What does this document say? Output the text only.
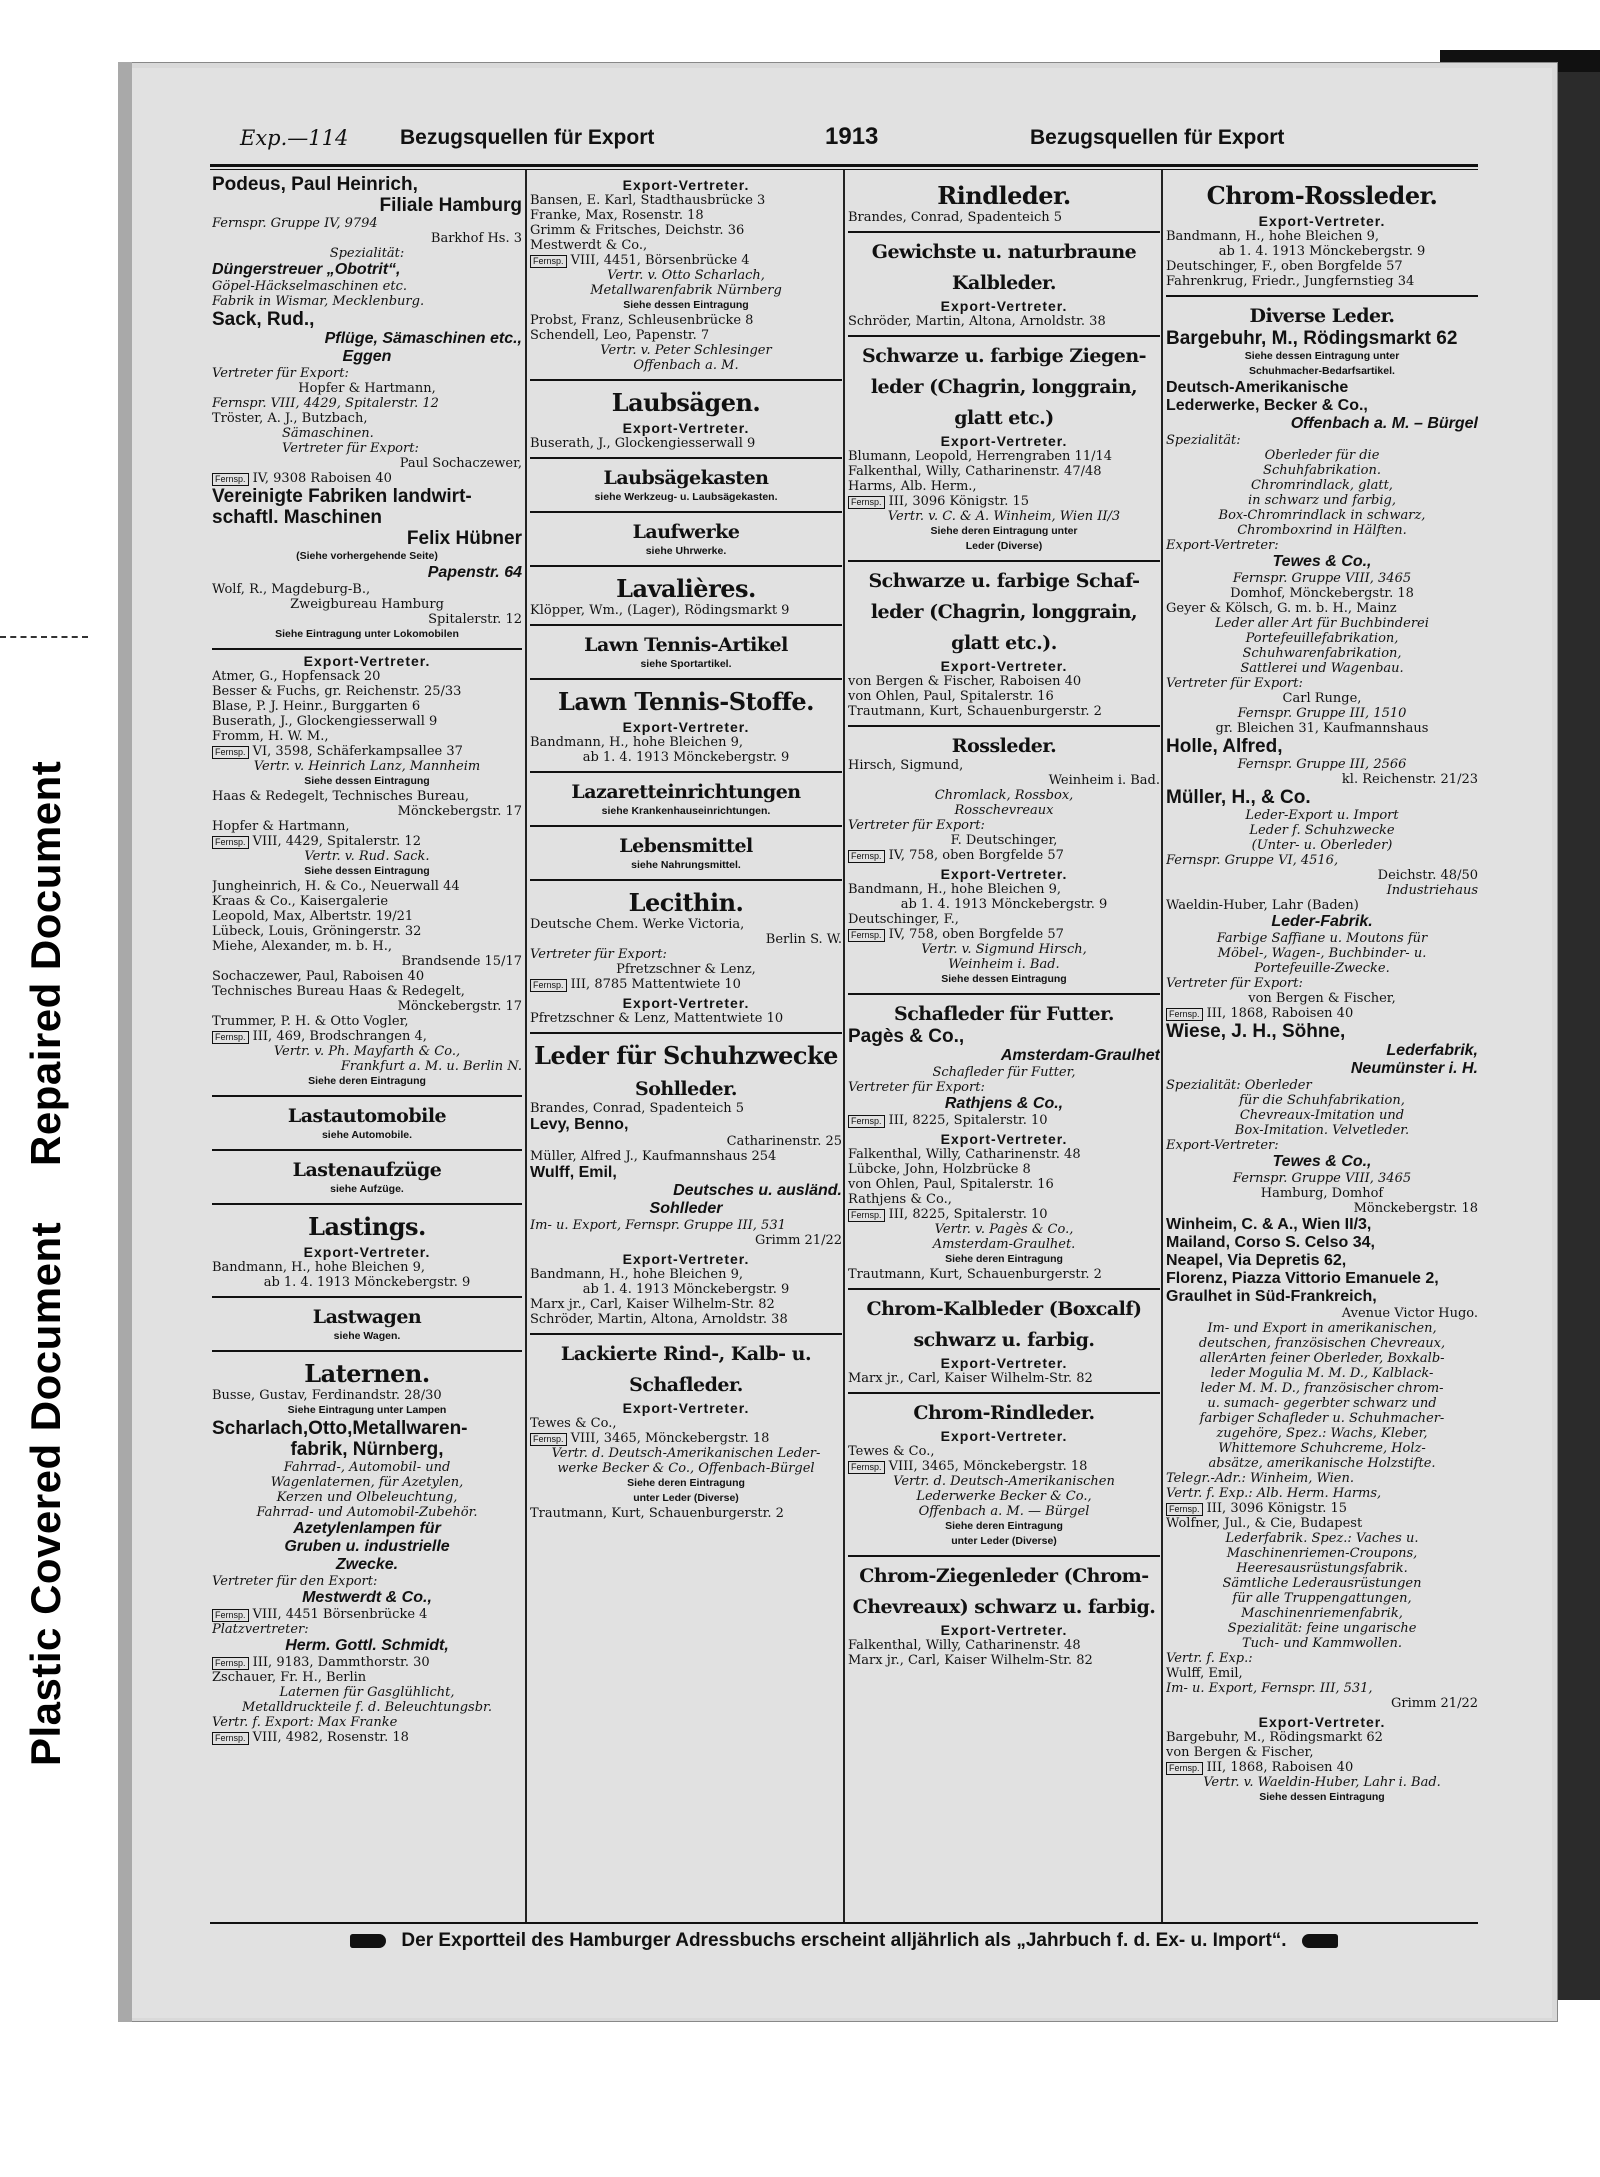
Repaired Document
Plastic Covered Document
Exp.—114 Bezugsquellen für Export	1913	Bezugsquellen für Export
Podeus, Paul Heinrich,
Filiale Hamburg
Fernspr. Gruppe IV, 9794
Barkhof Hs. 3
Spezialität:
Düngerstreuer „Obotrit“,
Göpel-Häckselmaschinen etc.
Fabrik in Wismar, Mecklenburg.
Sack, Rud.,
Pflüge, Sämaschinen etc.,
Eggen
Vertreter für Export:
Hopfer & Hartmann,
Fernspr. VIII, 4429, Spitalerstr. 12
Tröster, A. J., Butzbach,
Sämaschinen.
Vertreter für Export:
Paul Sochaczewer,
Fernsp. IV, 9308 Raboisen 40
Vereinigte Fabriken landwirt-
schaftl. Maschinen
Felix Hübner
(Siehe vorhergehende Seite)
Papenstr. 64
Wolf, R., Magdeburg-B.,
Zweigbureau Hamburg
Spitalerstr. 12
Siehe Eintragung unter Lokomobilen
Export-Vertreter.
Atmer, G., Hopfensack 20
Besser & Fuchs, gr. Reichenstr. 25/33
Blase, P. J. Heinr., Burggarten 6
Buserath, J., Glockengiesserwall 9
Fromm, H. W. M.,
Fernsp. VI, 3598, Schäferkampsallee 37
Vertr. v. Heinrich Lanz, Mannheim
Siehe dessen Eintragung
Haas & Redegelt, Technisches Bureau,
Mönckebergstr. 17
Hopfer & Hartmann,
Fernsp. VIII, 4429, Spitalerstr. 12
Vertr. v. Rud. Sack.
Siehe dessen Eintragung
Jungheinrich, H. & Co., Neuerwall 44
Kraas & Co., Kaisergalerie
Leopold, Max, Albertstr. 19/21
Lübeck, Louis, Gröningerstr. 32
Miehe, Alexander, m. b. H.,
Brandsende 15/17
Sochaczewer, Paul, Raboisen 40
Technisches Bureau Haas & Redegelt,
Mönckebergstr. 17
Trummer, P. H. & Otto Vogler,
Fernsp. III, 469, Brodschrangen 4,
Vertr. v. Ph. Mayfarth & Co.,
Frankfurt a. M. u. Berlin N.
Siehe deren Eintragung
Lastautomobile
siehe Automobile.
Lastenaufzüge
siehe Aufzüge.
Lastings.
Export-Vertreter.
Bandmann, H., hohe Bleichen 9,
ab 1. 4. 1913 Mönckebergstr. 9
Lastwagen
siehe Wagen.
Laternen.
Busse, Gustav, Ferdinandstr. 28/30
Siehe Eintragung unter Lampen
Scharlach,Otto,Metallwaren-
fabrik, Nürnberg,
Fahrrad-, Automobil- und
Wagenlaternen, für Azetylen,
Kerzen und Ölbeleuchtung,
Fahrrad- und Automobil-Zubehör.
Azetylenlampen für
Gruben u. industrielle
Zwecke.
Vertreter für den Export:
Mestwerdt & Co.,
Fernsp. VIII, 4451 Börsenbrücke 4
Platzvertreter:
Herm. Gottl. Schmidt,
Fernsp. III, 9183, Dammthorstr. 30
Zschauer, Fr. H., Berlin
Laternen für Gasglühlicht,
Metalldruckteile f. d. Beleuchtungsbr.
Vertr. f. Export: Max Franke
Fernsp. VIII, 4982, Rosenstr. 18
Export-Vertreter.
Bansen, E. Karl, Stadthausbrücke 3
Franke, Max, Rosenstr. 18
Grimm & Fritsches, Deichstr. 36
Mestwerdt & Co.,
Fernsp. VIII, 4451, Börsenbrücke 4
Vertr. v. Otto Scharlach,
Metallwarenfabrik Nürnberg
Siehe dessen Eintragung
Probst, Franz, Schleusenbrücke 8
Schendell, Leo, Papenstr. 7
Vertr. v. Peter Schlesinger
Offenbach a. M.
Laubsägen.
Export-Vertreter.
Buserath, J., Glockengiesserwall 9
Laubsägekasten
siehe Werkzeug- u. Laubsägekasten.
Laufwerke
siehe Uhrwerke.
Lavalières.
Klöpper, Wm., (Lager), Rödingsmarkt 9
Lawn Tennis-Artikel
siehe Sportartikel.
Lawn Tennis-Stoffe.
Export-Vertreter.
Bandmann, H., hohe Bleichen 9,
ab 1. 4. 1913 Mönckebergstr. 9
Lazaretteinrichtungen
siehe Krankenhauseinrichtungen.
Lebensmittel
siehe Nahrungsmittel.
Lecithin.
Deutsche Chem. Werke Victoria,
Berlin S. W.
Vertreter für Export:
Pfretzschner & Lenz,
Fernsp. III, 8785 Mattentwiete 10
Export-Vertreter.
Pfretzschner & Lenz, Mattentwiete 10
Leder für Schuhzwecke
Sohlleder.
Brandes, Conrad, Spadenteich 5
Levy, Benno,
Catharinenstr. 25
Müller, Alfred J., Kaufmannshaus 254
Wulff, Emil,
Deutsches u. ausländ.
Sohlleder
Im- u. Export, Fernspr. Gruppe III, 531
Grimm 21/22
Export-Vertreter.
Bandmann, H., hohe Bleichen 9,
ab 1. 4. 1913 Mönckebergstr. 9
Marx jr., Carl, Kaiser Wilhelm-Str. 82
Schröder, Martin, Altona, Arnoldstr. 38
Lackierte Rind-, Kalb- u.
Schafleder.
Export-Vertreter.
Tewes & Co.,
Fernsp. VIII, 3465, Mönckebergstr. 18
Vertr. d. Deutsch-Amerikanischen Leder-
werke Becker & Co., Offenbach-Bürgel
Siehe deren Eintragung
unter Leder (Diverse)
Trautmann, Kurt, Schauenburgerstr. 2
Rindleder.
Brandes, Conrad, Spadenteich 5
Gewichste u. naturbraune
Kalbleder.
Export-Vertreter.
Schröder, Martin, Altona, Arnoldstr. 38
Schwarze u. farbige Ziegen-
leder (Chagrin, longgrain,
glatt etc.)
Export-Vertreter.
Blumann, Leopold, Herrengraben 11/14
Falkenthal, Willy, Catharinenstr. 47/48
Harms, Alb. Herm.,
Fernsp. III, 3096 Königstr. 15
Vertr. v. C. & A. Winheim, Wien II/3
Siehe deren Eintragung unter
Leder (Diverse)
Schwarze u. farbige Schaf-
leder (Chagrin, longgrain,
glatt etc.).
Export-Vertreter.
von Bergen & Fischer, Raboisen 40
von Ohlen, Paul, Spitalerstr. 16
Trautmann, Kurt, Schauenburgerstr. 2
Rossleder.
Hirsch, Sigmund,
Weinheim i. Bad.
Chromlack, Rossbox,
Rosschevreaux
Vertreter für Export:
F. Deutschinger,
Fernsp. IV, 758, oben Borgfelde 57
Export-Vertreter.
Bandmann, H., hohe Bleichen 9,
ab 1. 4. 1913 Mönckebergstr. 9
Deutschinger, F.,
Fernsp. IV, 758, oben Borgfelde 57
Vertr. v. Sigmund Hirsch,
Weinheim i. Bad.
Siehe dessen Eintragung
Schafleder für Futter.
Pagès & Co.,
Amsterdam-Graulhet
Schafleder für Futter,
Vertreter für Export:
Rathjens & Co.,
Fernsp. III, 8225, Spitalerstr. 10
Export-Vertreter.
Falkenthal, Willy, Catharinenstr. 48
Lübcke, John, Holzbrücke 8
von Ohlen, Paul, Spitalerstr. 16
Rathjens & Co.,
Fernsp. III, 8225, Spitalerstr. 10
Vertr. v. Pagès & Co.,
Amsterdam-Graulhet.
Siehe deren Eintragung
Trautmann, Kurt, Schauenburgerstr. 2
Chrom-Kalbleder (Boxcalf)
schwarz u. farbig.
Export-Vertreter.
Marx jr., Carl, Kaiser Wilhelm-Str. 82
Chrom-Rindleder.
Export-Vertreter.
Tewes & Co.,
Fernsp. VIII, 3465, Mönckebergstr. 18
Vertr. d. Deutsch-Amerikanischen
Lederwerke Becker & Co.,
Offenbach a. M. — Bürgel
Siehe deren Eintragung
unter Leder (Diverse)
Chrom-Ziegenleder (Chrom-
Chevreaux) schwarz u. farbig.
Export-Vertreter.
Falkenthal, Willy, Catharinenstr. 48
Marx jr., Carl, Kaiser Wilhelm-Str. 82
Chrom-Rossleder.
Export-Vertreter.
Bandmann, H., hohe Bleichen 9,
ab 1. 4. 1913 Mönckebergstr. 9
Deutschinger, F., oben Borgfelde 57
Fahrenkrug, Friedr., Jungfernstieg 34
Diverse Leder.
Bargebuhr, M., Rödingsmarkt 62
Siehe dessen Eintragung unter
Schuhmacher-Bedarfsartikel.
Deutsch-Amerikanische
Lederwerke, Becker & Co.,
Offenbach a. M. – Bürgel
Spezialität:
Oberleder für die
Schuhfabrikation.
Chromrindlack, glatt,
in schwarz und farbig,
Box-Chromrindlack in schwarz,
Chromboxrind in Hälften.
Export-Vertreter:
Tewes & Co.,
Fernspr. Gruppe VIII, 3465
Domhof, Mönckebergstr. 18
Geyer & Kölsch, G. m. b. H., Mainz
Leder aller Art für Buchbinderei
Portefeuillefabrikation,
Schuhwarenfabrikation,
Sattlerei und Wagenbau.
Vertreter für Export:
Carl Runge,
Fernspr. Gruppe III, 1510
gr. Bleichen 31, Kaufmannshaus
Holle, Alfred,
Fernspr. Gruppe III, 2566
kl. Reichenstr. 21/23
Müller, H., & Co.
Leder-Export u. Import
Leder f. Schuhzwecke
(Unter- u. Oberleder)
Fernspr. Gruppe VI, 4516,
Deichstr. 48/50
Industriehaus
Waeldin-Huber, Lahr (Baden)
Leder-Fabrik.
Farbige Saffiane u. Moutons für
Möbel-, Wagen-, Buchbinder- u.
Portefeuille-Zwecke.
Vertreter für Export:
von Bergen & Fischer,
Fernsp. III, 1868, Raboisen 40
Wiese, J. H., Söhne,
Lederfabrik,
Neumünster i. H.
Spezialität: Oberleder
für die Schuhfabrikation,
Chevreaux-Imitation und
Box-Imitation. Velvetleder.
Export-Vertreter:
Tewes & Co.,
Fernspr. Gruppe VIII, 3465
Hamburg, Domhof
Mönckebergstr. 18
Winheim, C. & A., Wien II/3,
Mailand, Corso S. Celso 34,
Neapel, Via Depretis 62,
Florenz, Piazza Vittorio Emanuele 2,
Graulhet in Süd-Frankreich,
Avenue Victor Hugo.
Im- und Export in amerikanischen,
deutschen, französischen Chevreaux,
allerArten feiner Oberleder, Boxkalb-
leder Mogulia M. M. D., Kalblack-
leder M. M. D., französischer chrom-
u. sumach- gegerbter schwarz und
farbiger Schafleder u. Schuhmacher-
zugehöre, Spez.: Wachs, Kleber,
Whittemore Schuhcreme, Holz-
absätze, amerikanische Holzstifte.
Telegr.-Adr.: Winheim, Wien.
Vertr. f. Exp.: Alb. Herm. Harms,
Fernsp. III, 3096 Königstr. 15
Wolfner, Jul., & Cie, Budapest
Lederfabrik. Spez.: Vaches u.
Maschinenriemen-Croupons,
Heeresausrüstungsfabrik.
Sämtliche Lederausrüstungen
für alle Truppengattungen,
Maschinenriemenfabrik,
Spezialität: feine ungarische
Tuch- und Kammwollen.
Vertr. f. Exp.:
Wulff, Emil,
Im- u. Export, Fernspr. III, 531,
Grimm 21/22
Export-Vertreter.
Bargebuhr, M., Rödingsmarkt 62
von Bergen & Fischer,
Fernsp. III, 1868, Raboisen 40
Vertr. v. Waeldin-Huber, Lahr i. Bad.
Siehe dessen Eintragung
Der Exportteil des Hamburger Adressbuchs erscheint alljährlich als „Jahrbuch f. d. Ex- u. Import“.
